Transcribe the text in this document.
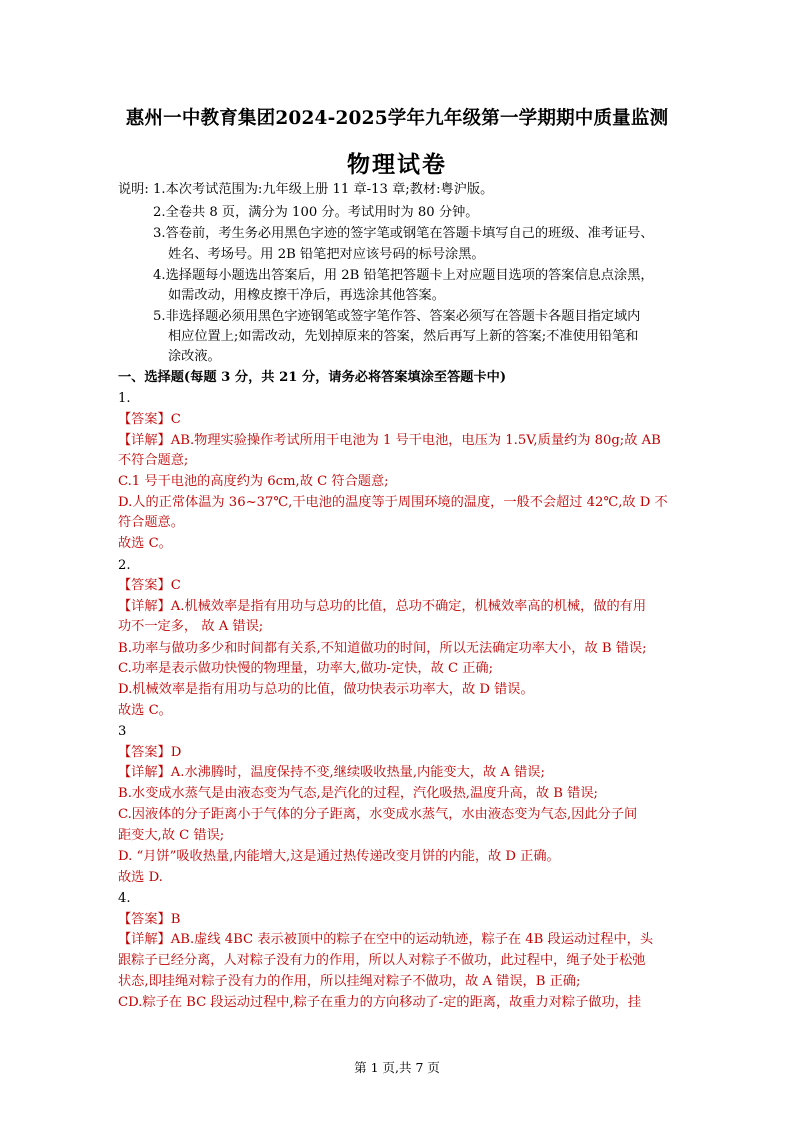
惠州一中教育集团2024-2025学年九年级第一学期期中质量监测
物理试卷
说明: 1.本次考试范围为:九年级上册 11 章-13 章;教材:粤沪版。
2.全卷共 8 页，满分为 100 分。考试用时为 80 分钟。
3.答卷前，考生务必用黑色字迹的签字笔或钢笔在答题卡填写自己的班级、准考证号、
姓名、考场号。用 2B 铅笔把对应该号码的标号涂黑。
4.选择题每小题选出答案后，用 2B 铅笔把答题卡上对应题目选项的答案信息点涂黑，
如需改动，用橡皮擦干净后，再选涂其他答案。
5.非选择题必须用黑色字迹钢笔或签字笔作答、答案必须写在答题卡各题目指定域内
相应位置上;如需改动，先划掉原来的答案，然后再写上新的答案;不准使用铅笔和
涂改液。
一、选择题(每题 3 分，共 21 分，请务必将答案填涂至答题卡中)
1.
【答案】C
【详解】AB.物理实验操作考试所用干电池为 1 号干电池，电压为 1.5V,质量约为 80g;故 AB
不符合题意;
C.1 号干电池的高度约为 6cm,故 C 符合题意;
D.人的正常体温为 36~37℃,干电池的温度等于周围环境的温度，一般不会超过 42℃,故 D 不
符合题意。
故选 C。
2.
【答案】C
【详解】A.机械效率是指有用功与总功的比值，总功不确定，机械效率高的机械，做的有用
功不一定多， 故 A 错误;
B.功率与做功多少和时间都有关系,不知道做功的时间，所以无法确定功率大小，故 B 错误;
C.功率是表示做功快慢的物理量，功率大,做功-定快，故 C 正确;
D.机械效率是指有用功与总功的比值，做功快表示功率大，故 D 错误。
故选 C。
3
【答案】D
【详解】A.水沸腾时，温度保持不变,继续吸收热量,内能变大，故 A 错误;
B.水变成水蒸气是由液态变为气态,是汽化的过程，汽化吸热,温度升高，故 B 错误;
C.因液体的分子距离小于气体的分子距离，水变成水蒸气，水由液态变为气态,因此分子间
距变大,故 C 错误;
D. “月饼”吸收热量,内能增大,这是通过热传递改变月饼的内能，故 D 正确。
故选 D.
4.
【答案】B
【详解】AB.虚线 4BC 表示被顶中的粽子在空中的运动轨迹，粽子在 4B 段运动过程中，头
跟粽子已经分离，人对粽子没有力的作用，所以人对粽子不做功，此过程中，绳子处于松弛
状态,即挂绳对粽子没有力的作用，所以挂绳对粽子不做功，故 A 错误，B 正确;
CD.粽子在 BC 段运动过程中,粽子在重力的方向移动了-定的距离，故重力对粽子做功，挂
第 1 页,共 7 页
